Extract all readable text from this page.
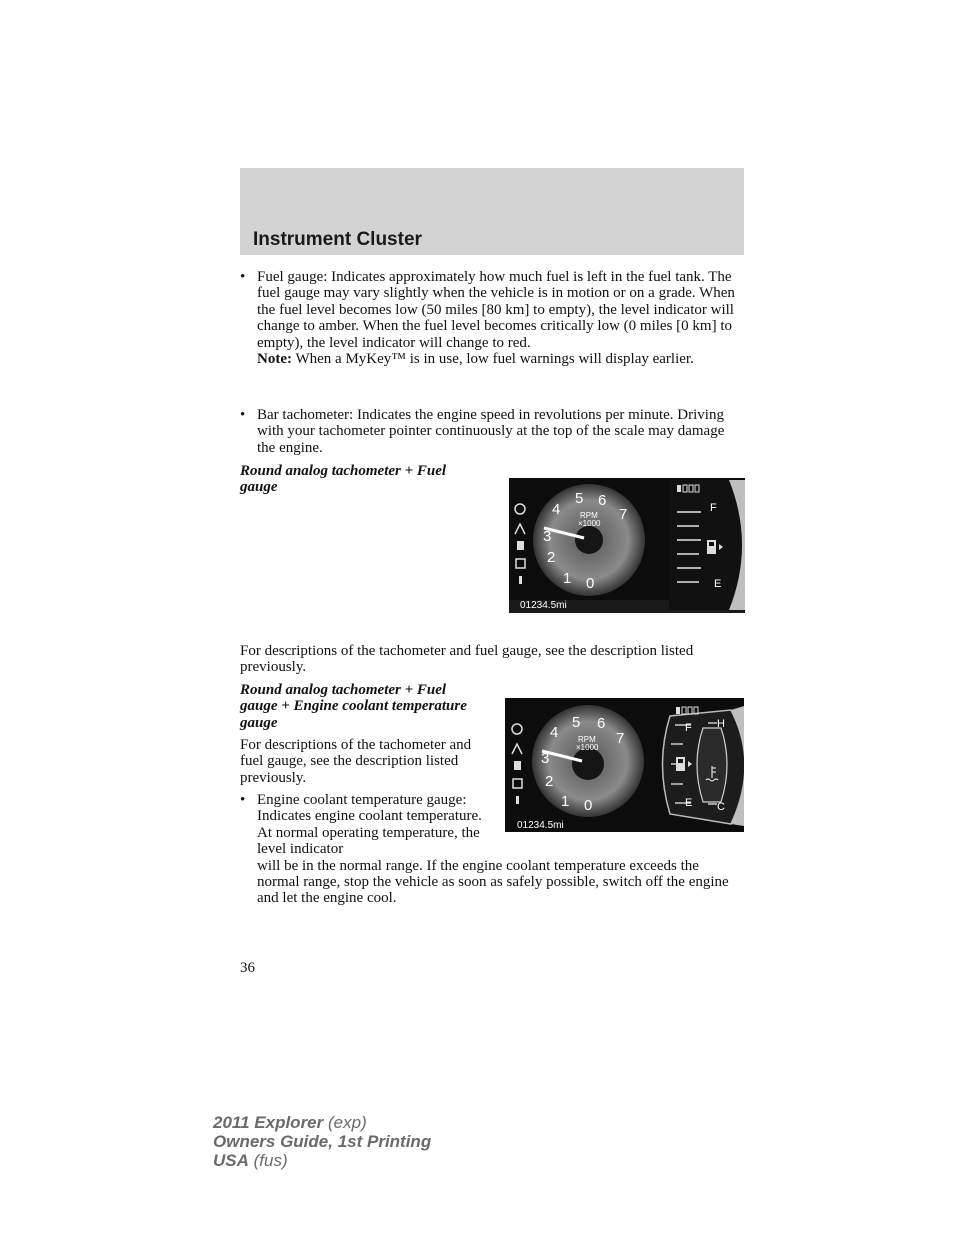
Instrument Cluster
• Fuel gauge: Indicates approximately how much fuel is left in the fuel tank. The fuel gauge may vary slightly when the vehicle is in motion or on a grade. When the fuel level becomes low (50 miles [80 km] to empty), the level indicator will change to amber. When the fuel level becomes critically low (0 miles [0 km] to empty), the level indicator will change to red.
Note: When a MyKey™ is in use, low fuel warnings will display earlier.
• Bar tachometer: Indicates the engine speed in revolutions per minute. Driving with your tachometer pointer continuously at the top of the scale may damage the engine.
Round analog tachometer + Fuel gauge
0
1
2
3
4
5 6
7
RPM
×1000
F
E
01234.5mi
For descriptions of the tachometer and fuel gauge, see the description listed previously.
Round analog tachometer + Fuel gauge + Engine coolant temperature gauge
0
1
2
3
4
5 6
7
RPM
×1000
F
E
H
C
01234.5mi
For descriptions of the tachometer and fuel gauge, see the description listed previously.
• Engine coolant temperature gauge: Indicates engine coolant temperature. At normal operating temperature, the level indicator
will be in the normal range. If the engine coolant temperature exceeds the normal range, stop the vehicle as soon as safely possible, switch off the engine and let the engine cool.
36
2011 Explorer (exp)
Owners Guide, 1st Printing
USA (fus)
